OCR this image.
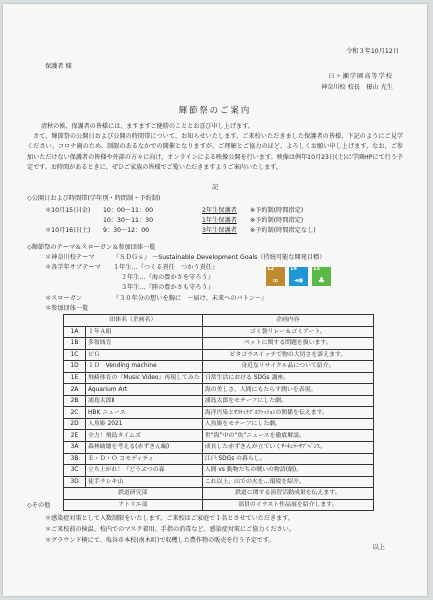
令和３年10月12日
保護者 様
日ヶ瀬学園高等学校
神奈川校 校長　榎山 光生
輝節祭のご案内
清秋の候、保護者の皆様には、ますますご健勝のこととお喜び申し上げます。
さて、輝節祭の公開日および公開の時間帯について、お知らせいたします。ご来校いただきました保護者の皆様、下記のようにご見学ください。コロナ禍のため、制限のあるなかでの開催となりますが、ご理解とご協力のほど、よろしくお願い申し上げます。なお、ご参加いただけない保護者の皆様や外部の方々に向け、オンラインによる映像公開を行います。映像は例年10月23日(土)に学園HPにて行う予定です。お時間があるときに、ぜひご家族の皆様でご覧いただきますようご案内いたします。
記
◇公開日および時間帯(学年別・時間制・予約制)
＊10月15日(金) 10：00～11：00	2年生保護者 ※予約制(時間指定)
10：30～11：30	1年生保護者 ※予約制(時間指定)
＊10月16日(土) 9：30～12：00	3年生保護者 ※予約制(時間指定なし)
◇輝節祭のテーマ＆スローガン＆参加団体一覧
＊神奈川校テーマ	『ＳＤＧｓ』 ～Sustainable Development Goals（持続可能な開発目標）
＊各学年サブテーマ １年生…『つくる責任　つかう責任』
２年生…『海の豊かさを守ろう』
３年生…『陸の豊かさも守ろう』
12
∞
14
◄◉
15
♣
＊スローガン	『３０年分の想いを胸に　～届け、未来へのバトン～』
＊参加団体一覧
団体名（企画名）		企画内容
1A	１年Ａ組	ゴミ袋リレー＆ゴミアート。
1B	多領域肯	ペットに関する問題を扱います。
1C	ピＧ	ピタゴラスイッチで物の大切さを訴えます。
1D	１Ｄ　Vending machine	身近なリサイクル品について紹介。
1E	飛崎体育の『Music Video』再現してみた	日常生活における SDGs 講座。
2A	Aquarium Art	海の美しさ、人間にもたらす潤いを表現。
2B	浦島太郎Ⅱ	浦島太郎をモチーフにした劇。
2C	HBK ニュース	海洋汚染とｻｽﾃｨﾅﾌﾞﾙﾌｧｯｼｮﾝの関係を伝えます。
2D	人魚姫 2021	人魚姫をモチーフにした劇。
2E	全力！飛島タイムズ	世“海”中の“魚”ニュースを徹底解説。
3A	森林破壊を考える(赤ずきん編)	成長した赤ずきんが立ていくｻｰｷｭﾗｰｻﾌﾞﾍﾞﾝｽ。
3B	Ｅ・Ｄ・Ｏ コモディティ	江戸 SDGs の暮らし。
3C	立ち上がれ！『どうぶつの森	人間 vs 動物たちの戦いの物語(劇)。
3D	徒手ラレキ山	これ以上、山での火を…環境を紹介。
鉄道研究部		鉄道に関する演習活動成果を伝えます。
アトリエ部		部員のイラスト作品展を紹介します。
◇その他
＊感染症対策として入数制限をいたします。ご来校はご家庭で１名とさせていただきます。
＊ご来校前の検温、校内でのマスク着用、手指の消毒など、感染症対策にご協力ください。
＊グラウンド横にて、塩谷市本校(南木町)で収穫した農作物の販売を行う予定です。
以上
